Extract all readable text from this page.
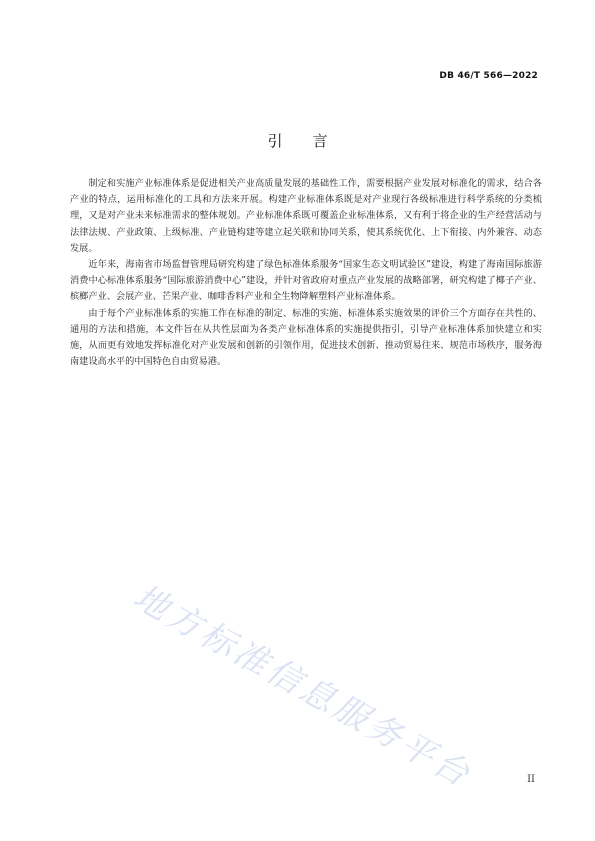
DB 46/T 566—2022
引言

制定和实施产业标准体系是促进相关产业高质量发展的基础性工作，需要根据产业发展对标准化的需求，结合各产业的特点，运用标准化的工具和方法来开展。构建产业标准体系既是对产业现行各级标准进行科学系统的分类梳理，又是对产业未来标准需求的整体规划。产业标准体系既可覆盖企业标准体系，又有利于将企业的生产经营活动与法律法规、产业政策、上级标准、产业链构建等建立起关联和协同关系，使其系统优化、上下衔接、内外兼容、动态发展。

近年来，海南省市场监督管理局研究构建了绿色标准体系服务“国家生态文明试验区”建设，构建了海南国际旅游消费中心标准体系服务“国际旅游消费中心”建设，并针对省政府对重点产业发展的战略部署，研究构建了椰子产业、槟榔产业、会展产业、芒果产业、咖啡香料产业和全生物降解塑料产业标准体系。

由于每个产业标准体系的实施工作在标准的制定、标准的实施、标准体系实施效果的评价三个方面存在共性的、通用的方法和措施，本文件旨在从共性层面为各类产业标准体系的实施提供指引，引导产业标准体系加快建立和实施，从而更有效地发挥标准化对产业发展和创新的引领作用，促进技术创新、推动贸易往来、规范市场秩序，服务海南建设高水平的中国特色自由贸易港。

地方标准信息服务平台	II
